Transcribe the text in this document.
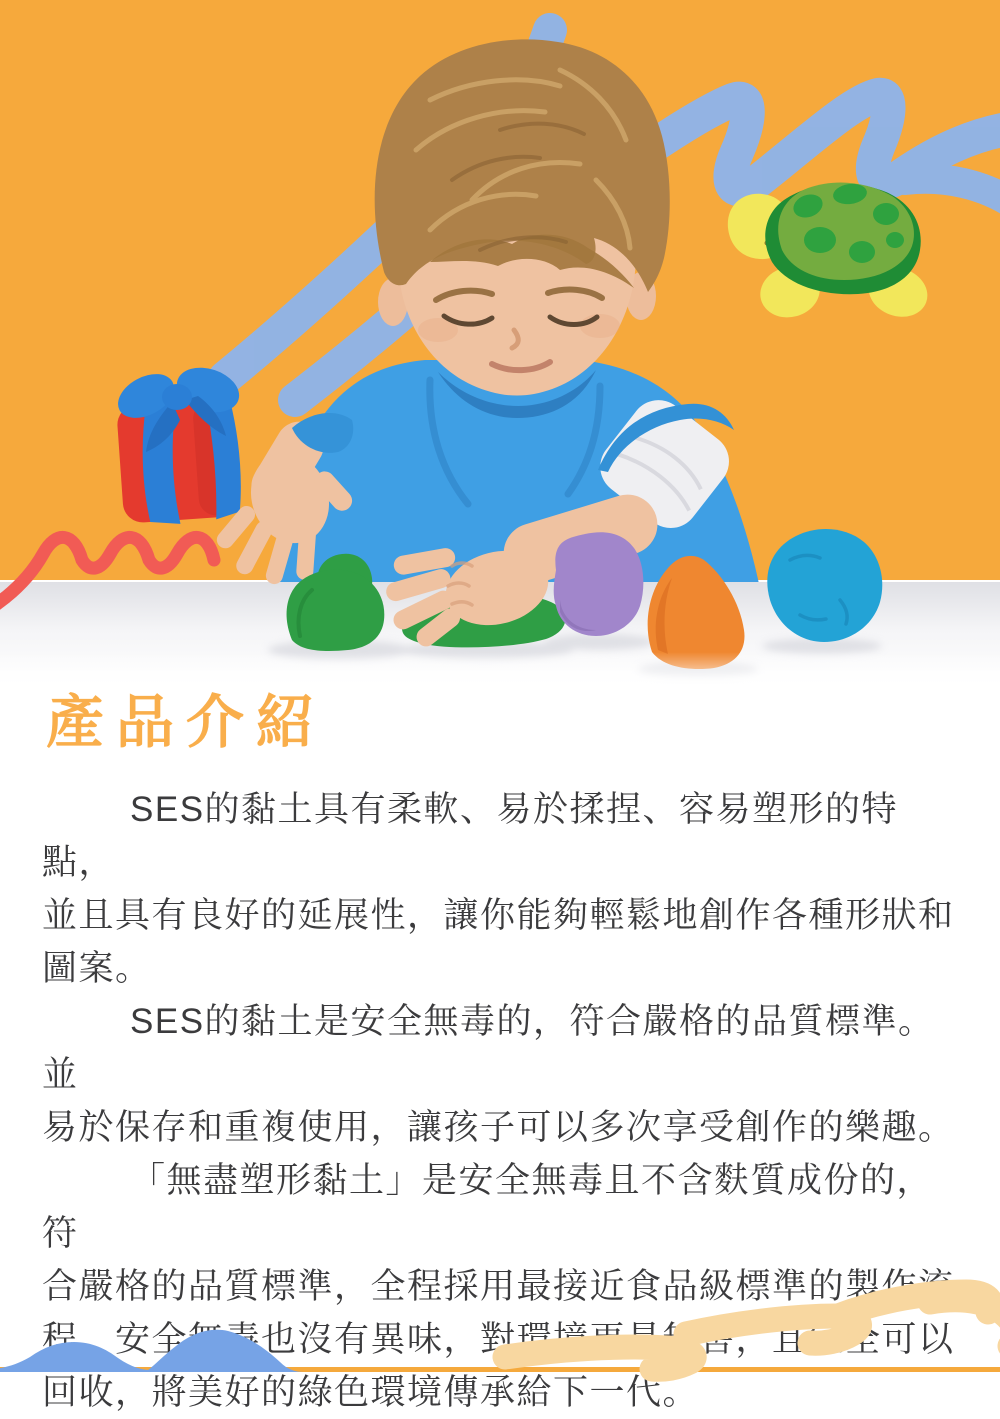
產品介紹

SES的黏土具有柔軟、易於揉捏、容易塑形的特點，
並且具有良好的延展性，讓你能夠輕鬆地創作各種形狀和
圖案。

SES的黏土是安全無毒的，符合嚴格的品質標準。並
易於保存和重複使用，讓孩子可以多次享受創作的樂趣。

「無盡塑形黏土」是安全無毒且不含麩質成份的，符
合嚴格的品質標準，全程採用最接近食品級標準的製作流
程，安全無毒也沒有異味，對環境更是無害，且完全可以
回收，將美好的綠色環境傳承給下一代。
